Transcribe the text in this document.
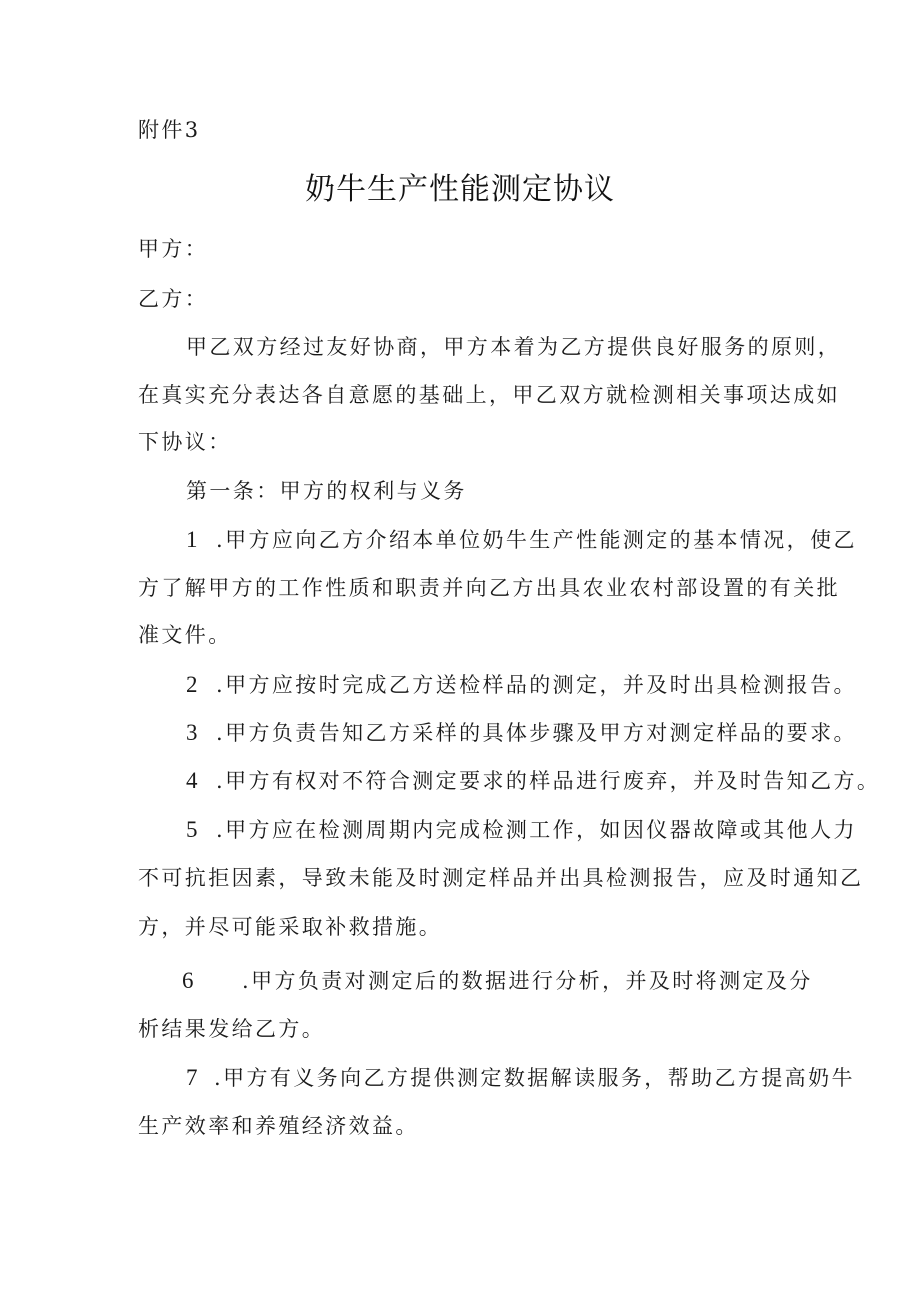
附件3
奶牛生产性能测定协议
甲方：
乙方：
甲乙双方经过友好协商，甲方本着为乙方提供良好服务的原则，
在真实充分表达各自意愿的基础上，甲乙双方就检测相关事项达成如
下协议：
第一条：甲方的权利与义务
1 .甲方应向乙方介绍本单位奶牛生产性能测定的基本情况，使乙
方了解甲方的工作性质和职责并向乙方出具农业农村部设置的有关批
准文件。
2 .甲方应按时完成乙方送检样品的测定，并及时出具检测报告。
3 .甲方负责告知乙方采样的具体步骤及甲方对测定样品的要求。
4 .甲方有权对不符合测定要求的样品进行废弃，并及时告知乙方。
5 .甲方应在检测周期内完成检测工作，如因仪器故障或其他人力
不可抗拒因素，导致未能及时测定样品并出具检测报告，应及时通知乙
方，并尽可能采取补救措施。
6 .甲方负责对测定后的数据进行分析，并及时将测定及分
析结果发给乙方。
7 .甲方有义务向乙方提供测定数据解读服务，帮助乙方提高奶牛
生产效率和养殖经济效益。
